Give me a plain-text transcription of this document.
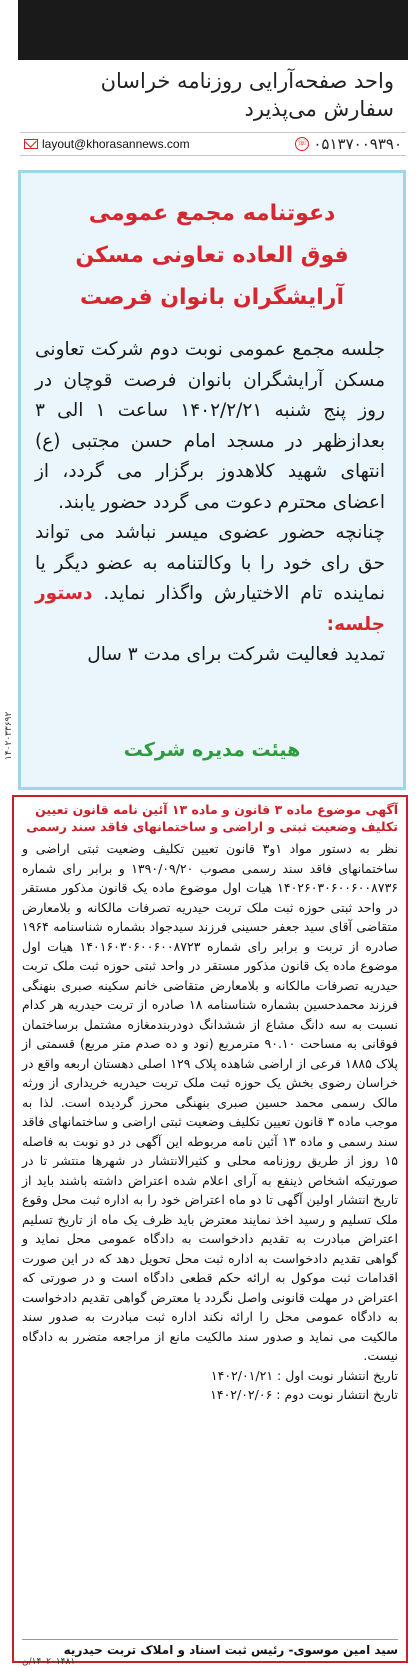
واحد صفحه‌آرایی روزنامه خراسان
سفارش می‌پذیرد
layout@khorasannews.com	☏ ۰۵۱۳۷۰۰۹۳۹۰
دعوتنامه مجمع عمومی
فوق العاده تعاونی مسکن
آرایشگران بانوان فرصت

جلسه مجمع عمومی نوبت دوم شرکت تعاونی مسکن آرایشگران بانوان فرصت قوچان در روز پنج شنبه ۱۴۰۲/۲/۲۱ ساعت ۱ الی ۳ بعدازظهر در مسجد امام حسن مجتبی (ع) انتهای شهید کلاهدوز برگزار می گردد، از اعضای محترم دعوت می گردد حضور یابند.

چنانچه حضور عضوی میسر نباشد می تواند حق رای خود را با وکالتنامه به عضو دیگر یا نماینده تام الاختیارش واگذار نماید. دستور جلسه:

تمدید فعالیت شرکت برای مدت ۳ سال

هیئت مدیره شرکت
۱۴۰۲۰۳۳۶۹۲
آگهی موضوع ماده ۳ قانون و ماده ۱۳ آئین نامه قانون تعیین تکلیف وضعیت ثبتی و اراضی و ساختمانهای فاقد سند رسمی

نظر به دستور مواد ۱و۳ قانون تعیین تکلیف وضعیت ثبتی اراضی و ساختمانهای فاقد سند رسمی مصوب ۱۳۹۰/۰۹/۲۰ و برابر رای شماره ۱۴۰۲۶۰۳۰۶۰۰۶۰۰۸۷۳۶ هیات اول موضوع ماده یک قانون مذکور مستقر در واحد ثبتی حوزه ثبت ملک تربت حیدریه تصرفات مالکانه و بلامعارض متقاضی آقای سید جعفر حسینی فرزند سیدجواد بشماره شناسنامه ۱۹۶۴ صادره از تربت و برابر رای شماره ۱۴۰۱۶۰۳۰۶۰۰۶۰۰۸۷۲۳ هیات اول موضوع ماده یک قانون مذکور مستقر در واحد ثبتی حوزه ثبت ملک تربت حیدریه تصرفات مالکانه و بلامعارض متقاضی خانم سکینه صبری بنهنگی فرزند محمدحسین بشماره شناسنامه ۱۸ صادره از تربت حیدریه هر کدام نسبت به سه دانگ مشاع از ششدانگ دودربندمغازه مشتمل برساختمان فوقانی به مساحت ۹۰.۱۰ مترمربع (نود و ده صدم متر مربع) قسمتی از پلاک ۱۸۸۵ فرعی از اراضی شاهده پلاک ۱۲۹ اصلی دهستان اربعه واقع در خراسان رضوی بخش یک حوزه ثبت ملک تربت حیدریه خریداری از ورثه مالک رسمی محمد حسین صبری بنهنگی محرز گردیده است. لذا به موجب ماده ۳ قانون تعیین تکلیف وضعیت ثبتی اراضی و ساختمانهای فاقد سند رسمی و ماده ۱۳ آئین نامه مربوطه این آگهی در دو نوبت به فاصله ۱۵ روز از طریق روزنامه محلی و کثیرالانتشار در شهرها منتشر تا در صورتیکه اشخاص ذینفع به آرای اعلام شده اعتراض داشته باشند باید از تاریخ انتشار اولین آگهی تا دو ماه اعتراض خود را به اداره ثبت محل وقوع ملک تسلیم و رسید اخذ نمایند معترض باید ظرف یک ماه از تاریخ تسلیم اعتراض مبادرت به تقدیم دادخواست به دادگاه عمومی محل نماید و گواهی تقدیم دادخواست به اداره ثبت محل تحویل دهد که در این صورت اقدامات ثبت موکول به ارائه حکم قطعی دادگاه است و در صورتی که اعتراض در مهلت قانونی واصل نگردد یا معترض گواهی تقدیم دادخواست به دادگاه عمومی محل را ارائه نکند اداره ثبت مبادرت به صدور سند مالکیت می نماید و صدور سند مالکیت مانع از مراجعه متضرر به دادگاه نیست.

تاریخ انتشار نوبت اول : ۱۴۰۲/۰۱/۲۱

تاریخ انتشار نوبت دوم : ۱۴۰۲/۰۲/۰۶

سید امین موسوی- رئیس ثبت اسناد و املاک تربت حیدریه
۱۴۰۲۰۱۴۸۱/ن
